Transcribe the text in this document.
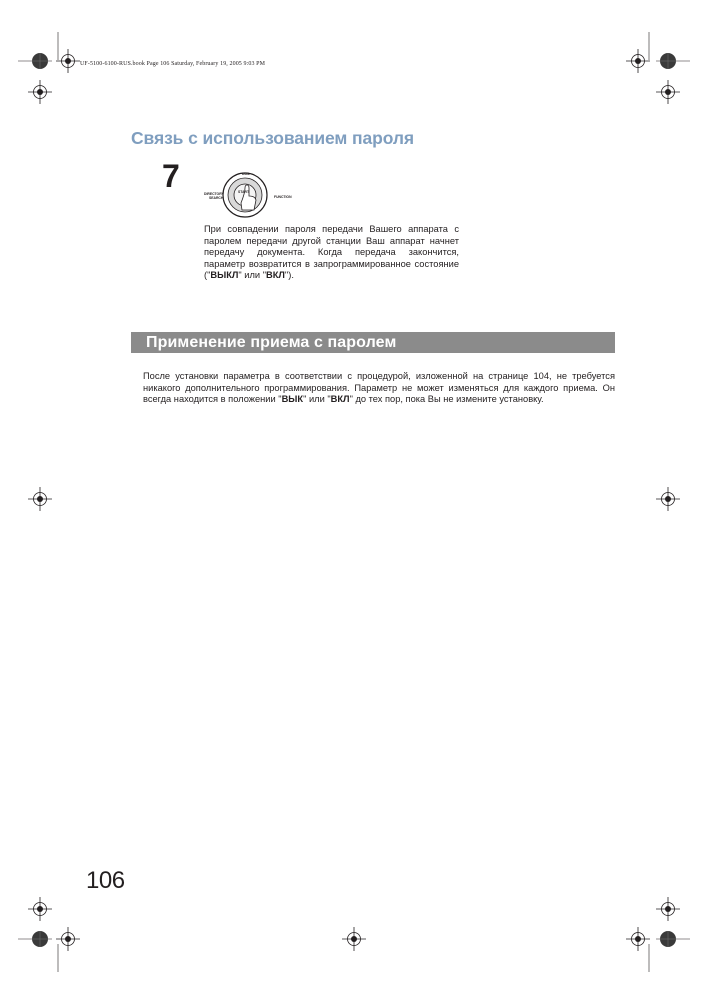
UF-5100-6100-RUS.book Page 106 Saturday, February 19, 2005 9:03 PM
Связь с использованием пароля
7	START
DIAL
DIRECTORY
SEARCH	FUNCTION
При совпадении пароля передачи Вашего аппарата с паролем передачи другой станции Ваш аппарат начнет передачу документа. Когда передача закончится, параметр возвратится в запрограммированное состояние ("ВЫКЛ" или "ВКЛ").
Применение приема с паролем
После установки параметра в соответствии с процедурой, изложенной на странице 104, не требуется никакого дополнительного программирования. Параметр не может изменяться для каждого приема. Он всегда находится в положении "ВЫК" или "ВКЛ" до тех пор, пока Вы не измените установку.
106
